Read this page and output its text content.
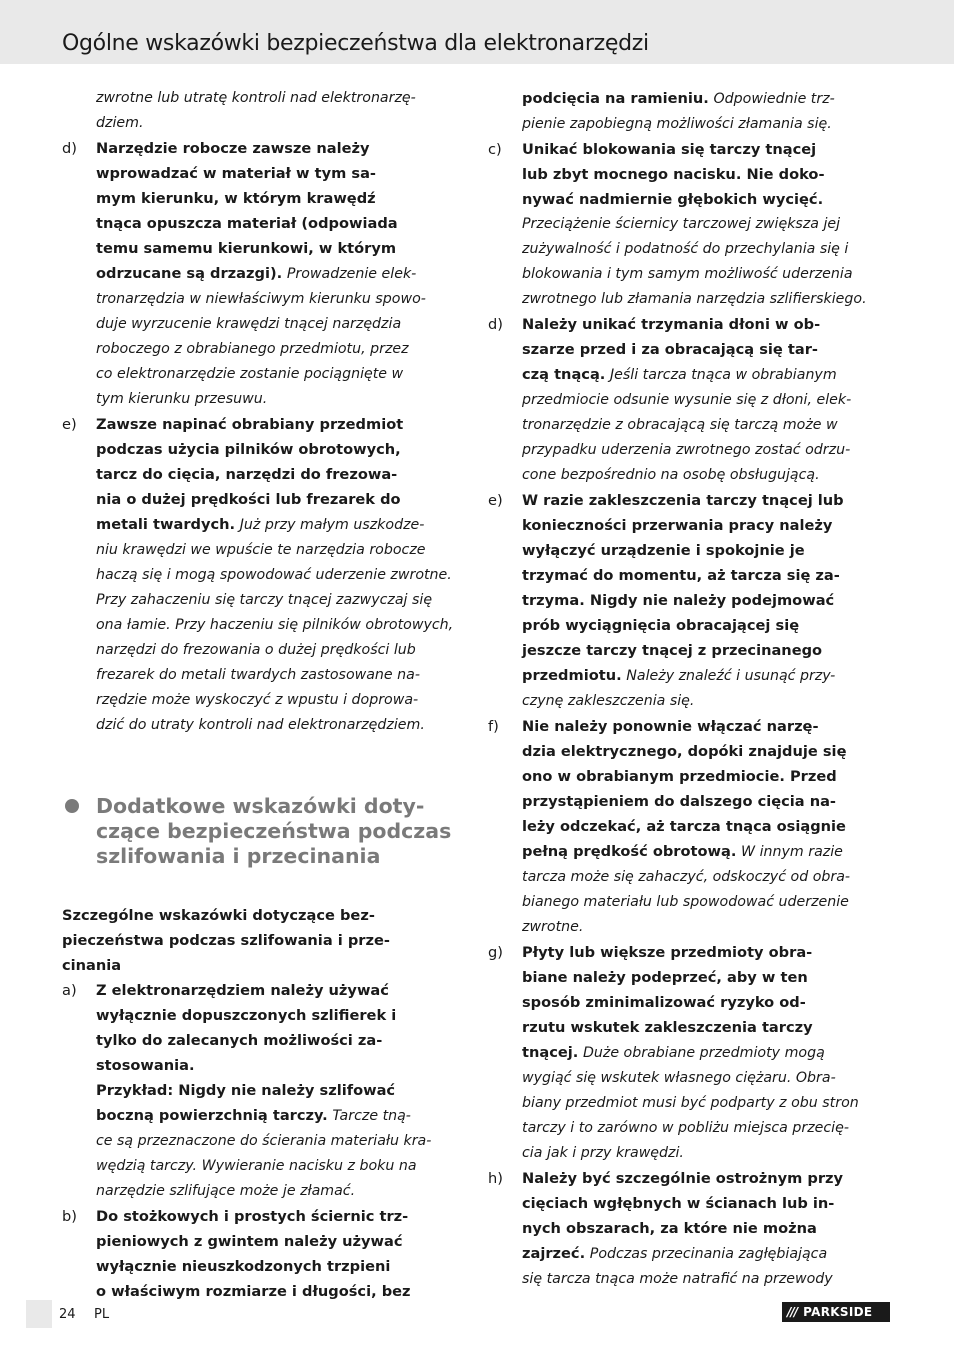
Ogólne wskazówki bezpieczeństwa dla elektronarzędzi
zwrotne lub utratę kontroli nad elektronarzę-
dziem.
d) Narzędzie robocze zawsze należy
wprowadzać w materiał w tym sa-
mym kierunku, w którym krawędź
tnąca opuszcza materiał (odpowiada
temu samemu kierunkowi, w którym
odrzucane są drzazgi). Prowadzenie elek-
tronarzędzia w niewłaściwym kierunku spowo-
duje wyrzucenie krawędzi tnącej narzędzia
roboczego z obrabianego przedmiotu, przez
co elektronarzędzie zostanie pociągnięte w
tym kierunku przesuwu.
e) Zawsze napinać obrabiany przedmiot
podczas użycia pilników obrotowych,
tarcz do cięcia, narzędzi do frezowa-
nia o dużej prędkości lub frezarek do
metali twardych. Już przy małym uszkodze-
niu krawędzi we wpuście te narzędzia robocze
haczą się i mogą spowodować uderzenie zwrotne.
Przy zahaczeniu się tarczy tnącej zazwyczaj się
ona łamie. Przy haczeniu się pilników obrotowych,
narzędzi do frezowania o dużej prędkości lub
frezarek do metali twardych zastosowane na-
rzędzie może wyskoczyć z wpustu i doprowa-
dzić do utraty kontroli nad elektronarzędziem.
Dodatkowe wskazówki doty-
czące bezpieczeństwa podczas
szlifowania i przecinania
Szczególne wskazówki dotyczące bez-
pieczeństwa podczas szlifowania i prze-
cinania
a) Z elektronarzędziem należy używać
wyłącznie dopuszczonych szlifierek i
tylko do zalecanych możliwości za-
stosowania.
Przykład: Nigdy nie należy szlifować
boczną powierzchnią tarczy. Tarcze tną-
ce są przeznaczone do ścierania materiału kra-
wędzią tarczy. Wywieranie nacisku z boku na
narzędzie szlifujące może je złamać.
b) Do stożkowych i prostych ściernic trz-
pieniowych z gwintem należy używać
wyłącznie nieuszkodzonych trzpieni
o właściwym rozmiarze i długości, bez
podcięcia na ramieniu. Odpowiednie trz-
pienie zapobiegną możliwości złamania się.
c) Unikać blokowania się tarczy tnącej
lub zbyt mocnego nacisku. Nie doko-
nywać nadmiernie głębokich wycięć.
Przeciążenie ściernicy tarczowej zwiększa jej
zużywalność i podatność do przechylania się i
blokowania i tym samym możliwość uderzenia
zwrotnego lub złamania narzędzia szlifierskiego.
d) Należy unikać trzymania dłoni w ob-
szarze przed i za obracającą się tar-
czą tnącą. Jeśli tarcza tnąca w obrabianym
przedmiocie odsunie wysunie się z dłoni, elek-
tronarzędzie z obracającą się tarczą może w
przypadku uderzenia zwrotnego zostać odrzu-
cone bezpośrednio na osobę obsługującą.
e) W razie zakleszczenia tarczy tnącej lub
konieczności przerwania pracy należy
wyłączyć urządzenie i spokojnie je
trzymać do momentu, aż tarcza się za-
trzyma. Nigdy nie należy podejmować
prób wyciągnięcia obracającej się
jeszcze tarczy tnącej z przecinanego
przedmiotu. Należy znaleźć i usunąć przy-
czynę zakleszczenia się.
f) Nie należy ponownie włączać narzę-
dzia elektrycznego, dopóki znajduje się
ono w obrabianym przedmiocie. Przed
przystąpieniem do dalszego cięcia na-
leży odczekać, aż tarcza tnąca osiągnie
pełną prędkość obrotową. W innym razie
tarcza może się zahaczyć, odskoczyć od obra-
bianego materiału lub spowodować uderzenie
zwrotne.
g) Płyty lub większe przedmioty obra-
biane należy podeprzeć, aby w ten
sposób zminimalizować ryzyko od-
rzutu wskutek zakleszczenia tarczy
tnącej. Duże obrabiane przedmioty mogą
wygiąć się wskutek własnego ciężaru. Obra-
biany przedmiot musi być podparty z obu stron
tarczy i to zarówno w pobliżu miejsca przecię-
cia jak i przy krawędzi.
h) Należy być szczególnie ostrożnym przy
cięciach wgłębnych w ścianach lub in-
nych obszarach, za które nie można
zajrzeć. Podczas przecinania zagłębiająca
się tarcza tnąca może natrafić na przewody
24 PL	/// PARKSIDE
